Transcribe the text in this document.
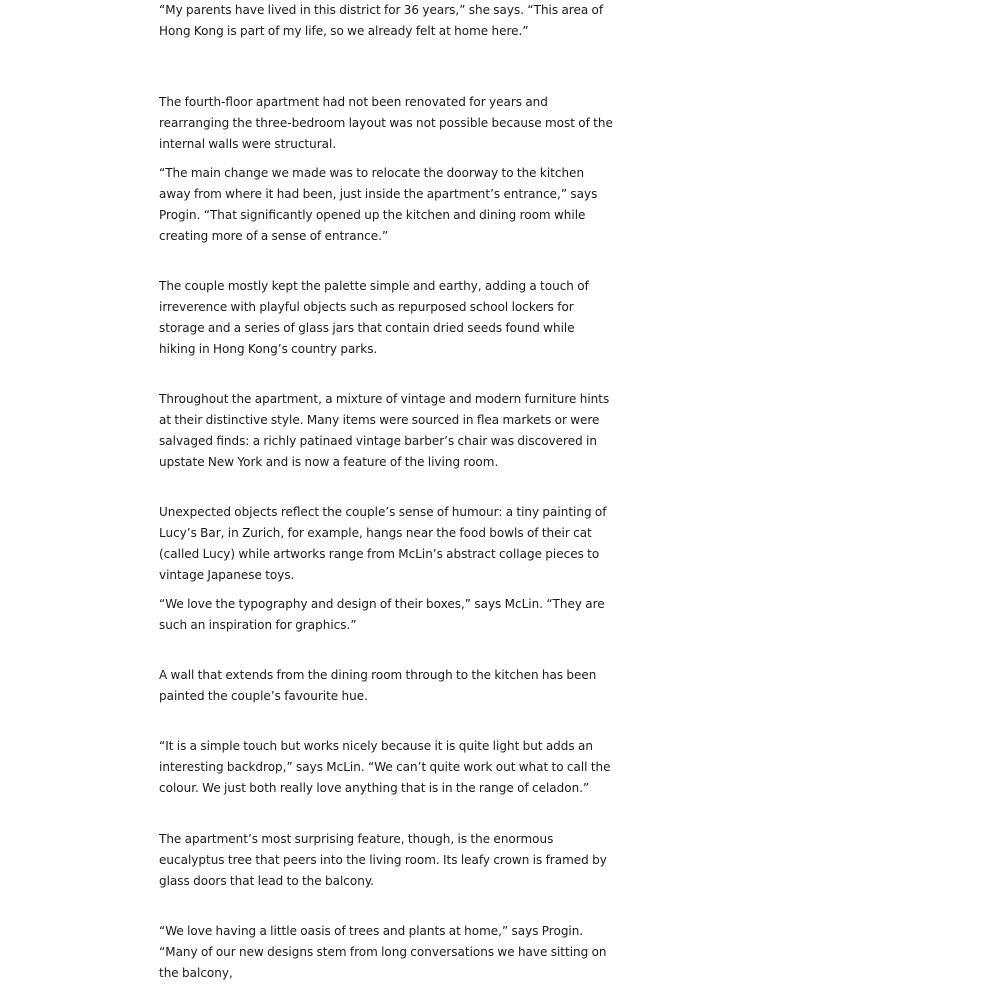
“My parents have lived in this district for 36 years,” she says. “This area of Hong Kong is part of my life, so we already felt at home here.”

The fourth-floor apartment had not been renovated for years and rearranging the three-bedroom layout was not possible because most of the internal walls were structural.

“The main change we made was to relocate the doorway to the kitchen away from where it had been, just inside the apartment’s entrance,” says Progin. “That significantly opened up the kitchen and dining room while creating more of a sense of entrance.”

The couple mostly kept the palette simple and earthy, adding a touch of irreverence with playful objects such as repurposed school lockers for storage and a series of glass jars that contain dried seeds found while hiking in Hong Kong’s country parks.

Throughout the apartment, a mixture of vintage and modern furniture hints at their distinctive style. Many items were sourced in flea markets or were salvaged finds: a richly patinaed vintage barber’s chair was discovered in upstate New York and is now a feature of the living room.

Unexpected objects reflect the couple’s sense of humour: a tiny painting of Lucy’s Bar, in Zurich, for example, hangs near the food bowls of their cat (called Lucy) while artworks range from McLin’s abstract collage pieces to vintage Japanese toys.

“We love the typography and design of their boxes,” says McLin. “They are such an inspiration for graphics.”

A wall that extends from the dining room through to the kitchen has been painted the couple’s favourite hue.

“It is a simple touch but works nicely because it is quite light but adds an interesting backdrop,” says McLin. “We can’t quite work out what to call the colour. We just both really love anything that is in the range of celadon.”

The apartment’s most surprising feature, though, is the enormous eucalyptus tree that peers into the living room. Its leafy crown is framed by glass doors that lead to the balcony.

“We love having a little oasis of trees and plants at home,” says Progin. “Many of our new designs stem from long conversations we have sitting on the balcony,
